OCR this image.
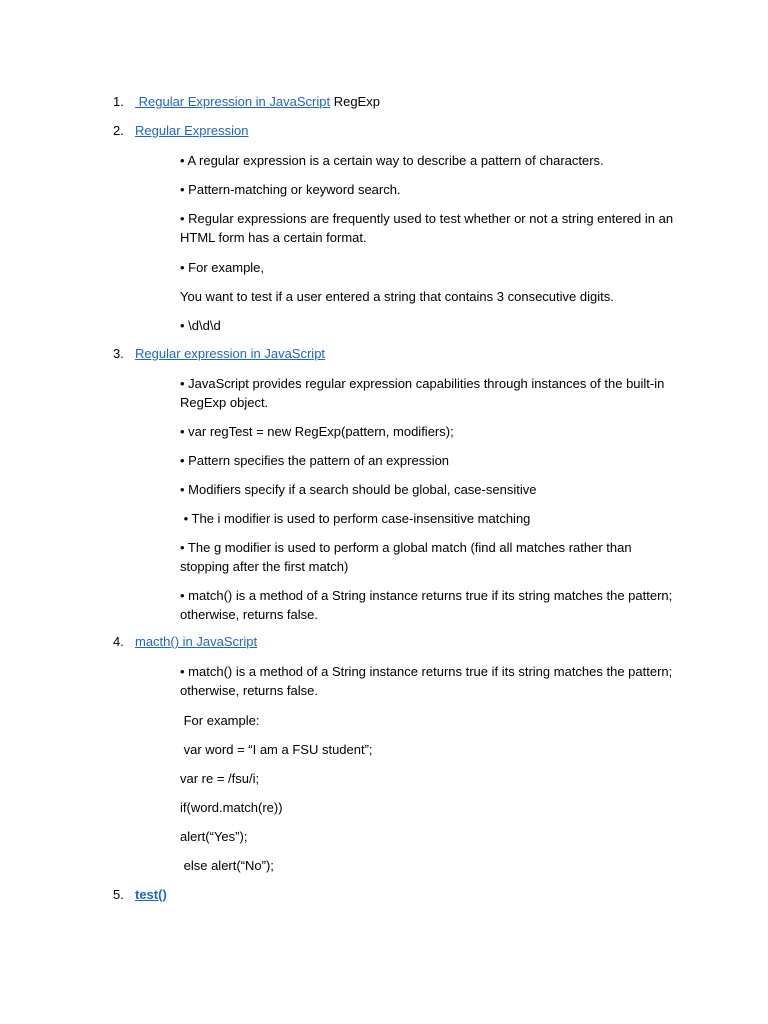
1. Regular Expression in JavaScript RegExp
2. Regular Expression
• A regular expression is a certain way to describe a pattern of characters.
• Pattern-matching or keyword search.
• Regular expressions are frequently used to test whether or not a string entered in an HTML form has a certain format.
• For example,
You want to test if a user entered a string that contains 3 consecutive digits.
• \d\d\d
3. Regular expression in JavaScript
• JavaScript provides regular expression capabilities through instances of the built-in RegExp object.
• var regTest = new RegExp(pattern, modifiers);
• Pattern specifies the pattern of an expression
• Modifiers specify if a search should be global, case-sensitive
• The i modifier is used to perform case-insensitive matching
• The g modifier is used to perform a global match (find all matches rather than stopping after the first match)
• match() is a method of a String instance returns true if its string matches the pattern; otherwise, returns false.
4. macth() in JavaScript
• match() is a method of a String instance returns true if its string matches the pattern; otherwise, returns false.
For example:
var word = “I am a FSU student”;
var re = /fsu/i;
if(word.match(re))
alert(“Yes”);
else alert(“No”);
5. test()
